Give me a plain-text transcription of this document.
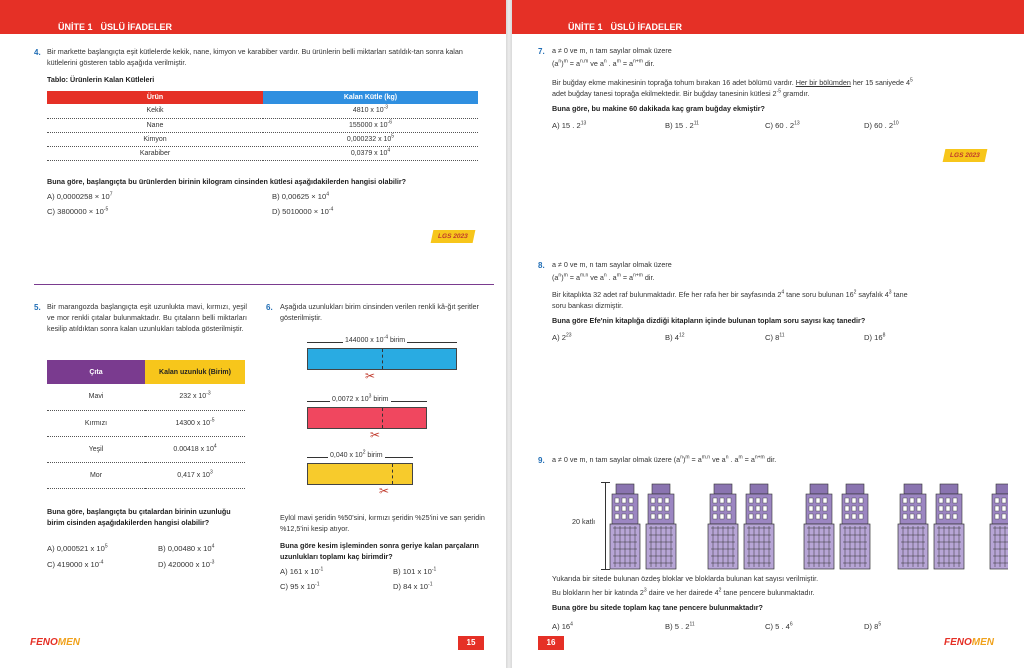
ÜNİTE 1 ÜSLÜ İFADELER
4. Bir markette başlangıçta eşit kütlelerde kekik, nane, kimyon ve karabiber vardır. Bu ürünlerin belli miktarları satıldık-tan sonra kalan kütlelerini gösteren tablo aşağıda verilmiştir.
Tablo: Ürünlerin Kalan Kütleleri
Ürün	Kalan Kütle (kg)
Kekik	4810 x $10^{-3}$
Nane	155000 x $10^{-6}$
Kimyon	0,000232 x $10^5$
Karabiber	0,0379 x $10^4$
Buna göre, başlangıçta bu ürünlerden birinin kilogram cinsinden kütlesi aşağıdakilerden hangisi olabilir?
A) $0,0000258 \times 10^7$	B) $0,00625 \times 10^4$
C) $3800000 \times 10^{-5}$	D) $5010000 \times 10^{-4}$
LGS 2023
5. Bir marangozda başlangıçta eşit uzunlukta mavi, kırmızı, yeşil ve mor renkli çıtalar bulunmaktadır. Bu çıtaların belli miktarları kesilip atıldıktan sonra kalan uzunlukları tabloda gösterilmiştir.
Çıta	Kalan uzunluk (Birim)
Mavi	232 x $10^{-3}$
Kırmızı	14300 x $10^{-5}$
Yeşil	0.00418 x $10^4$
Mor	0,417 x $10^3$
Buna göre, başlangıçta bu çıtalardan birinin uzunluğu birim cisinden aşağıdakilerden hangisi olabilir?
A) 0,000521 x $10^5$	B) 0,00480 x $10^4$
C) 419000 x $10^{-4}$	D) 420000 x $10^{-3}$
6. Aşağıda uzunlukları birim cinsinden verilen renkli kâ-ğıt şeritler gösterilmiştir.
144000 x $10^{-4}$ birim
✂
0,0072 x $10^3$ birim
✂
0,040 x $10^2$ birim
✂
Eylül mavi şeridin %50'sini, kırmızı şeridin %25'ini ve sarı şeridin %12,5'ini kesip atıyor.
Buna göre kesim işleminden sonra geriye kalan parçaların uzunlukları toplamı kaç birimdir?
A) 161 x $10^{-1}$	B) 101 x $10^{-1}$
C) 95 x $10^{-1}$	D) 84 x $10^{-1}$
FENOMEN	15
ÜNİTE 1 ÜSLÜ İFADELER
7. a ≠ 0 ve m, n tam sayılar olmak üzere
$(a^n)^m = a^{n.m}$ ve $a^n$ . $a^m = a^{n+m}$ dir.
Bir buğday ekme makinesinin toprağa tohum bırakan 16 adet bölümü vardır. Her bir bölümden her 15 saniyede $4^5$
adet buğday tanesi toprağa ekilmektedir. Bir buğday tanesinin kütlesi $2^{-5}$ gramdır.
Buna göre, bu makine 60 dakikada kaç gram buğday ekmiştir?
A) 15 . $2^{13}$	B) 15 . $2^{11}$	C) 60 . $2^{13}$	D) 60 . $2^{10}$
LGS 2023
8. a ≠ 0 ve m, n tam sayılar olmak üzere
$(a^n)^m = a^{m.n}$ ve $a^n$ . $a^m = a^{n+m}$ dir.
Bir kitaplıkta 32 adet raf bulunmaktadır. Efe her rafa her bir sayfasında $2^4$ tane soru bulunan $16^2$ sayfalık $4^3$ tane
soru bankası dizmiştir.
Buna göre Efe'nin kitaplığa dizdiği kitapların içinde bulunan toplam soru sayısı kaç tanedir?
A) $2^{23}$	B) $4^{12}$	C) $8^{11}$	D) $16^8$
9. a ≠ 0 ve m, n tam sayılar olmak üzere $(a^n)^m = a^{m.n}$ ve $a^n$ . $a^m = a^{n+m}$ dir.
20 katlı
Yukarıda bir sitede bulunan özdeş bloklar ve bloklarda bulunan kat sayısı verilmiştir.
Bu blokların her bir katında $2^3$ daire ve her dairede $4^2$ tane pencere bulunmaktadır.
Buna göre bu sitede toplam kaç tane pencere bulunmaktadır?
A) $16^4$	B) 5 . $2^{11}$	C) 5 . $4^6$	D) $8^5$
16	FENOMEN
